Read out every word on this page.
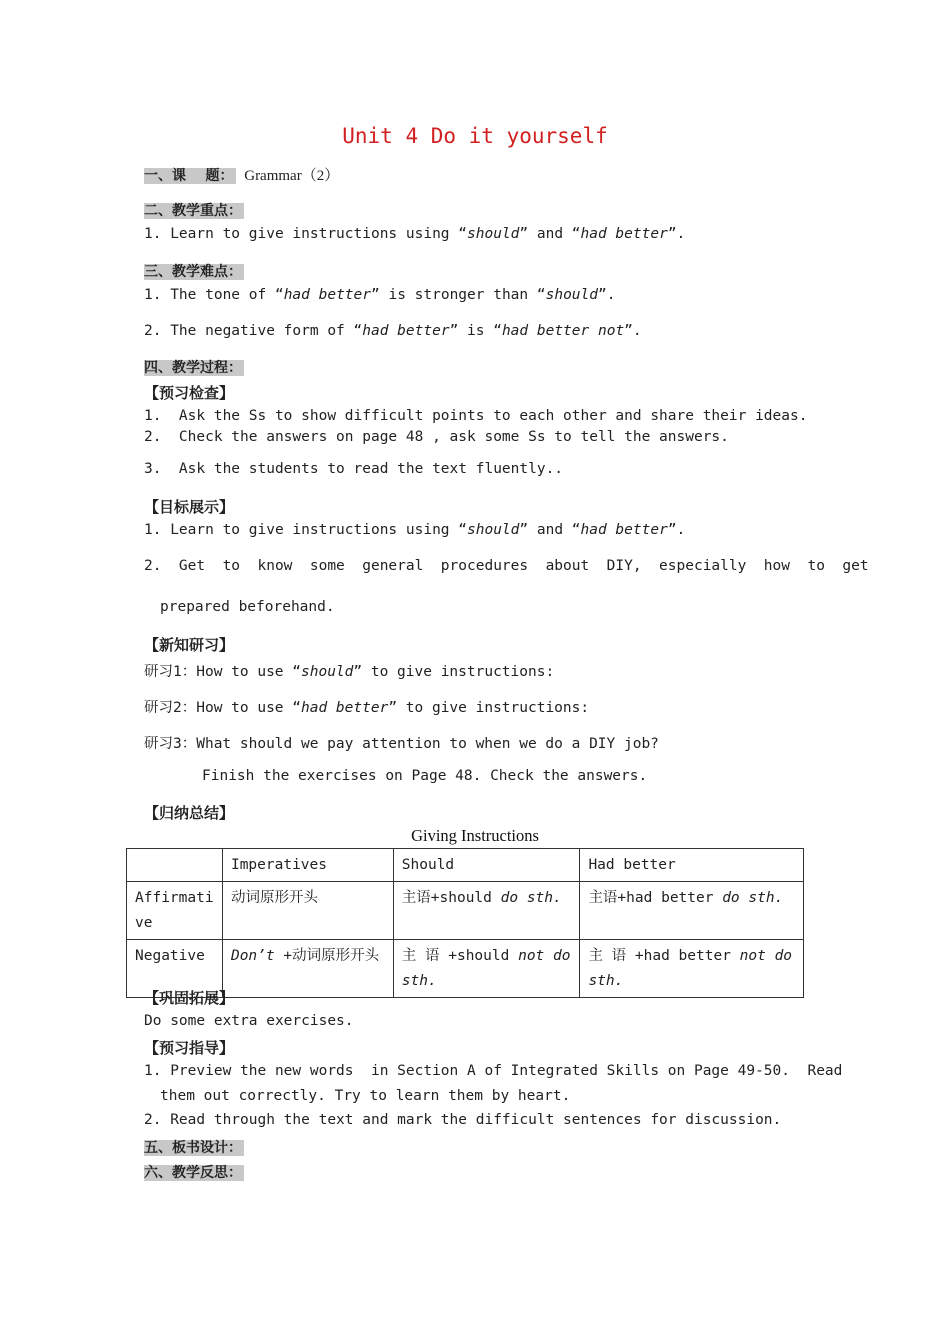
Unit 4 Do it yourself
一、课    题： Grammar（2）
二、教学重点：
1. Learn to give instructions using “should” and “had better”.
三、教学难点：
1. The tone of “had better” is stronger than “should”.
2. The negative form of “had better” is “had better not”.
四、教学过程：
【预习检查】
1.  Ask the Ss to show difficult points to each other and share their ideas.
2.  Check the answers on page 48 , ask some Ss to tell the answers.
3.  Ask the students to read the text fluently..
【目标展示】
1. Learn to give instructions using “should” and “had better”.
2.  Get  to  know  some  general  procedures  about  DIY,  especially  how  to  get
prepared beforehand.
【新知研习】
研习1：How to use “should” to give instructions:
研习2：How to use “had better” to give instructions:
研习3：What should we pay attention to when we do a DIY job?
Finish the exercises on Page 48. Check the answers.
【归纳总结】
Giving Instructions
	Imperatives	Should	Had better
Affirmative	动词原形开头	主语+should do sth.	主语+had better do sth.
Negative	Don’t +动词原形开头	主 语 +should not do sth.	主 语 +had better not do sth.
【巩固拓展】
Do some extra exercises.
【预习指导】
1. Preview the new words  in Section A of Integrated Skills on Page 49-50.  Read
them out correctly. Try to learn them by heart.
2. Read through the text and mark the difficult sentences for discussion.
五、板书设计：
六、教学反思：
